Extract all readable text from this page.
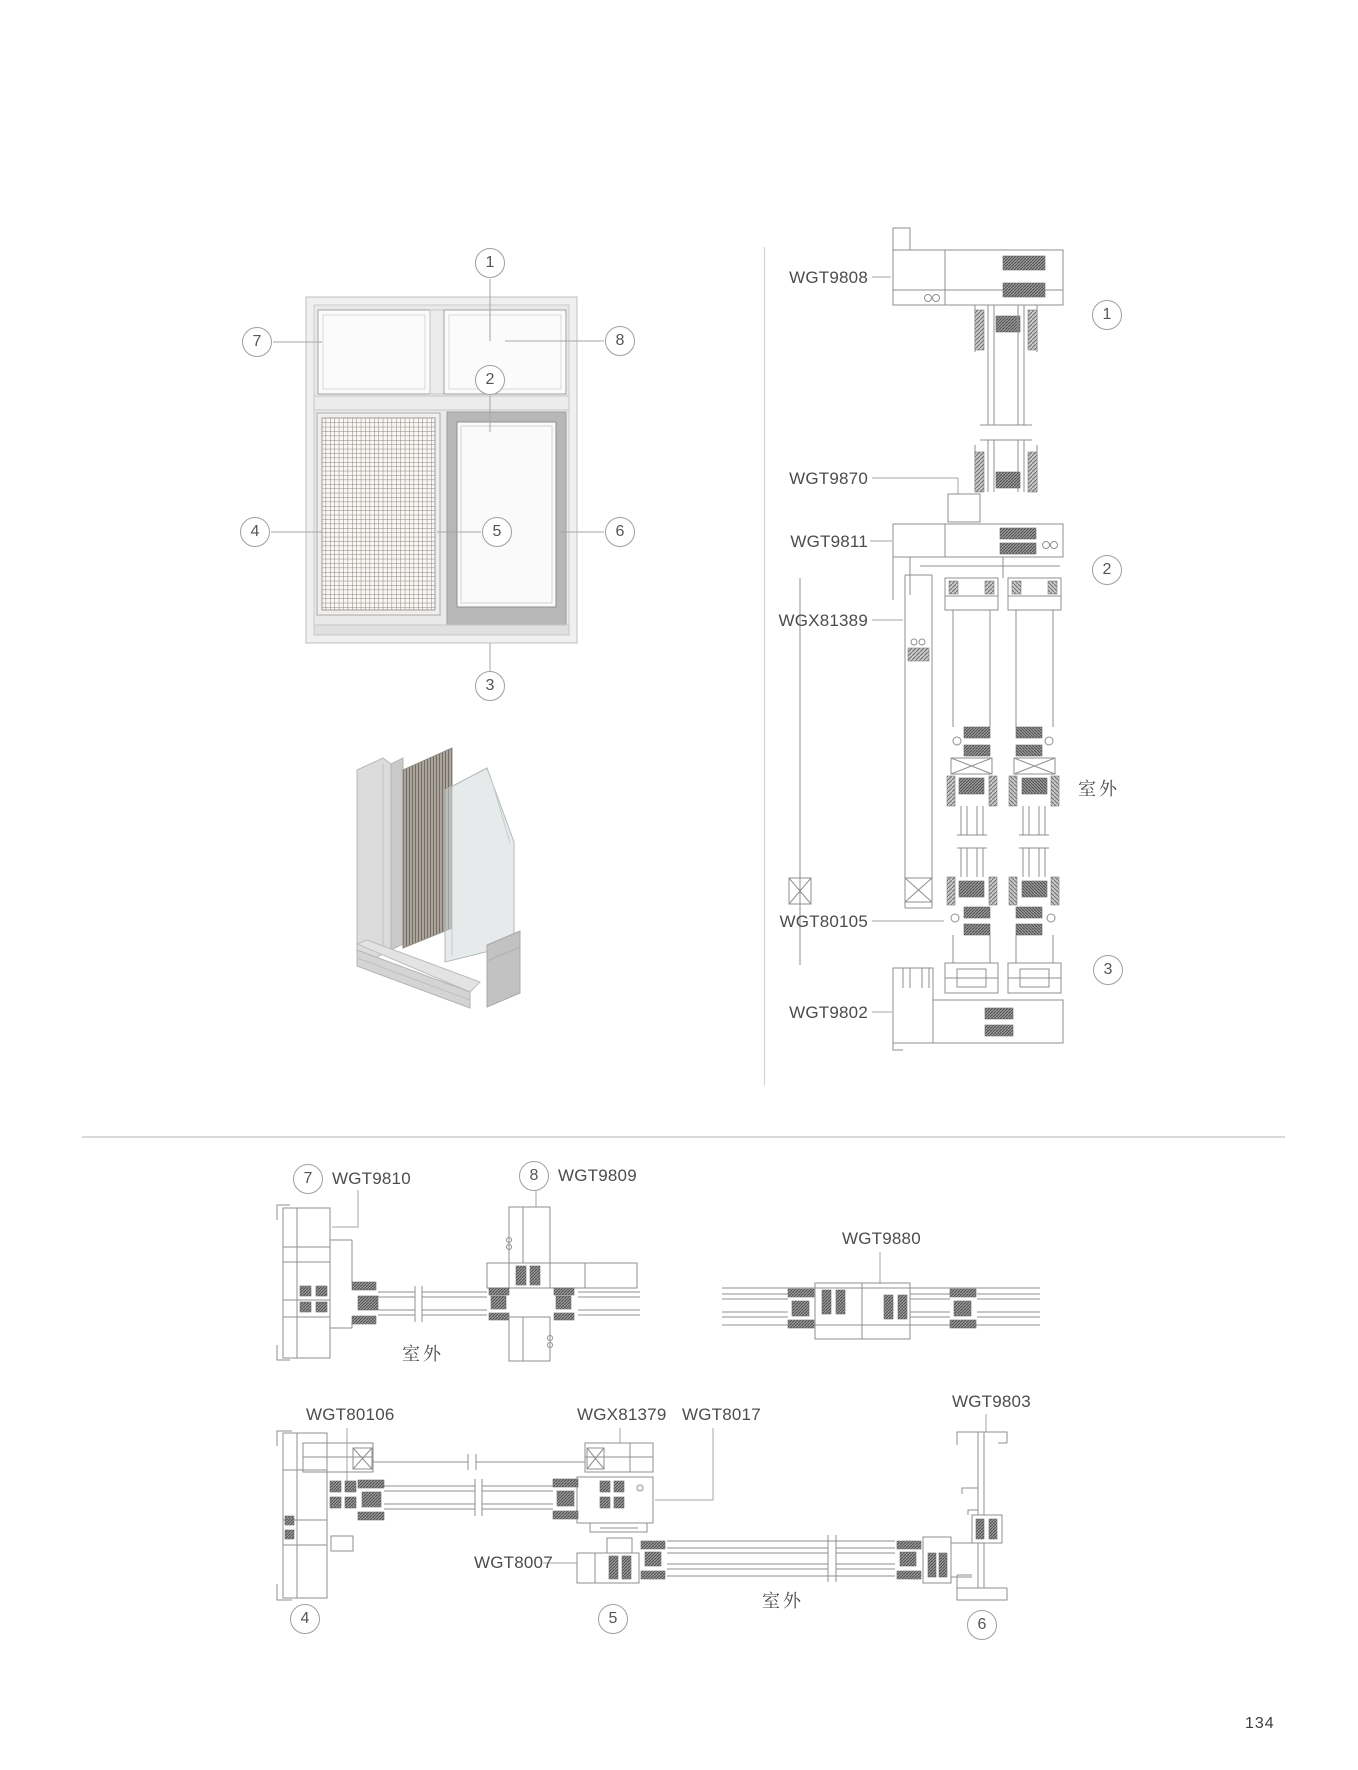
1
7	8
2
4	5	6
3
WGT9808
WGT9870
WGT9811
WGX81389
WGT80105
WGT9802
1
2
3
室外
7 WGT9810	8 WGT9809
WGT9880
室外
WGT80106	WGX81379 WGT8017
WGT8007
WGT9803
4	5	6
室外
134
